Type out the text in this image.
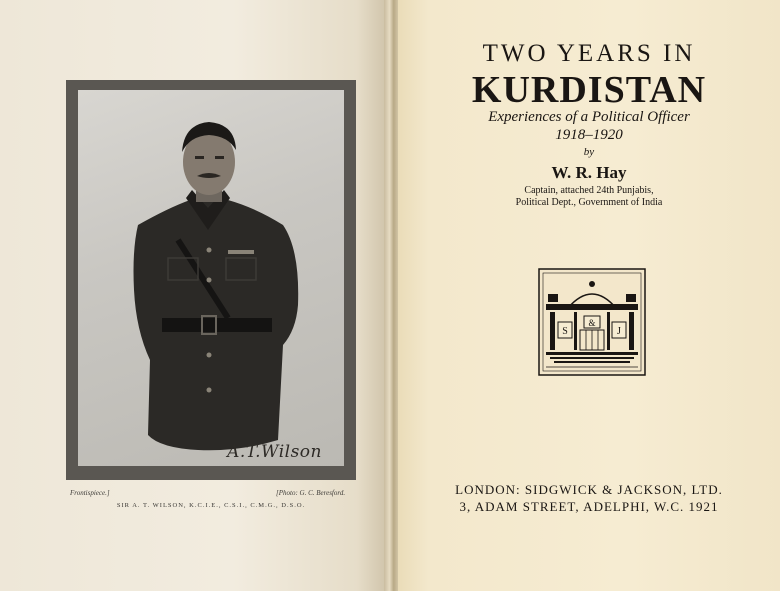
A.T.Wilson
Frontispiece.]	[Photo: G. C. Beresford.
SIR A. T. WILSON, K.C.I.E., C.S.I., C.M.G., D.S.O.
TWO YEARS IN
KURDISTAN
Experiences of a Political Officer
1918–1920
by
W. R. Hay
Captain, attached 24th Punjabis,
Political Dept., Government of India
S
&
J
LONDON: SIDGWICK & JACKSON, LTD.
3, ADAM STREET, ADELPHI, W.C. 1921
